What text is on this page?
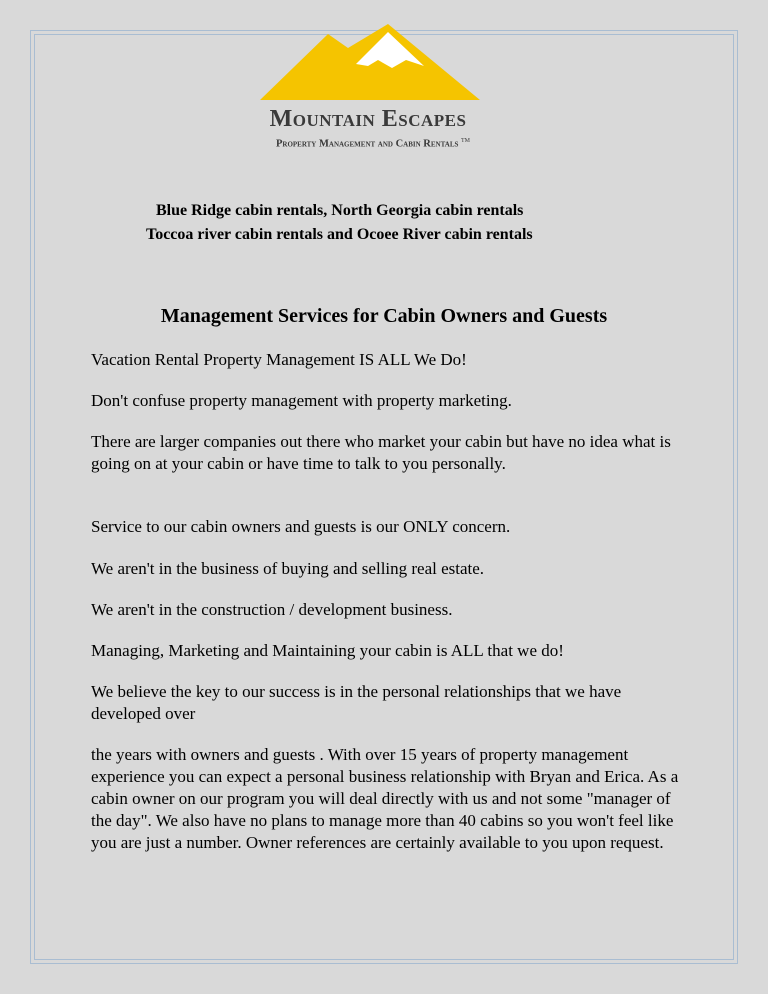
Mountain Escapes
Property Management and Cabin Rentals ™
Blue Ridge cabin rentals, North Georgia cabin rentals
Toccoa river cabin rentals and Ocoee River cabin rentals
Management Services for Cabin Owners and Guests

Vacation Rental Property Management IS ALL We Do!

Don't confuse property management with property marketing.

There are larger companies out there who market your cabin but have no idea what is going on at your cabin or have time to talk to you personally.

Service to our cabin owners and guests is our ONLY concern.

We aren't in the business of buying and selling real estate.

We aren't in the construction / development business.

Managing, Marketing and Maintaining your cabin is ALL that we do!

We believe the key to our success is in the personal relationships that we have developed over

the years with owners and guests . With over 15 years of property management experience you can expect a personal business relationship with Bryan and Erica. As a cabin owner on our program you will deal directly with us and not some "manager of the day". We also have no plans to manage more than 40 cabins so you won't feel like you are just a number. Owner references are certainly available to you upon request.
